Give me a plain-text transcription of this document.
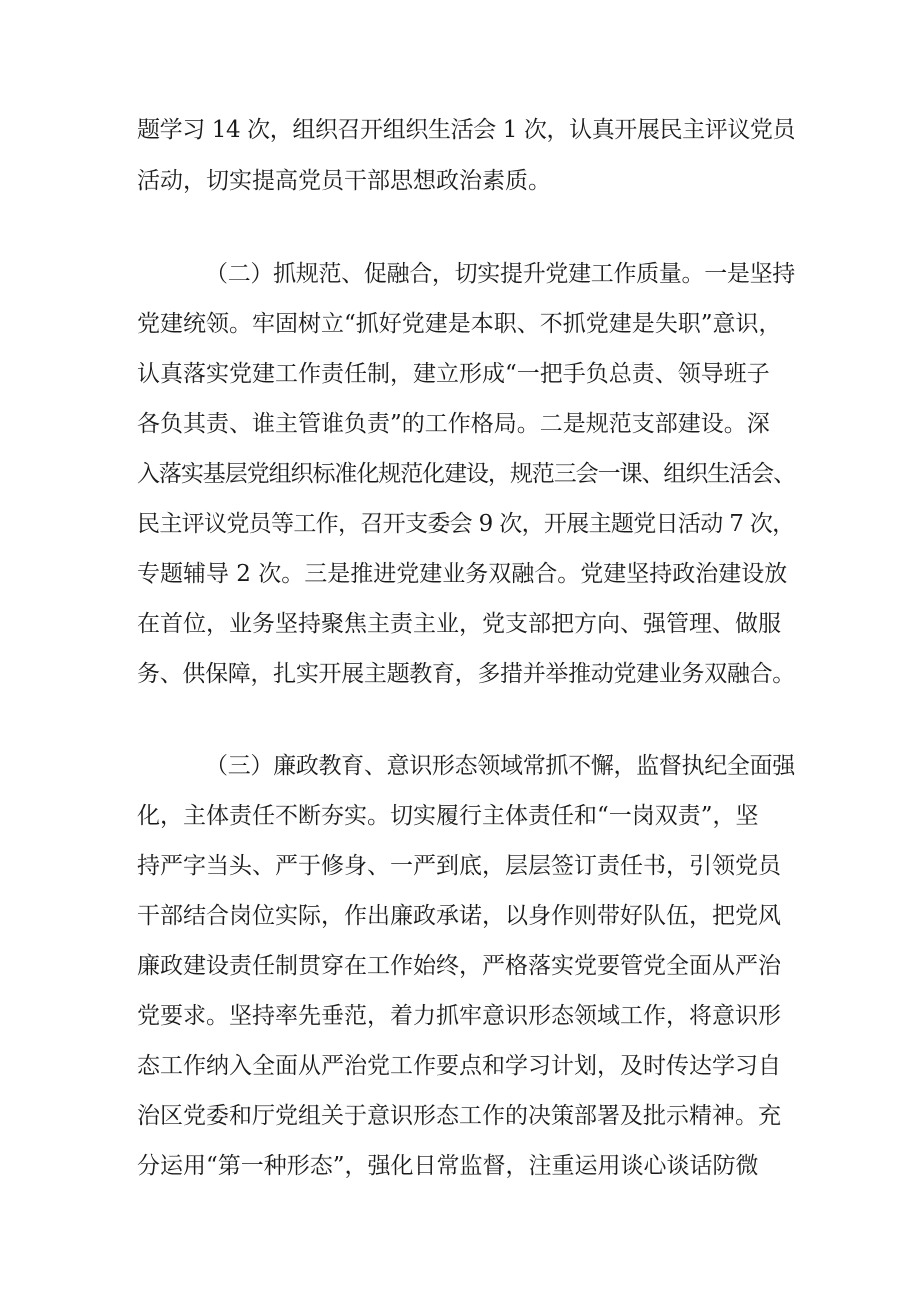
题学习 14 次，组织召开组织生活会 1 次，认真开展民主评议党员
活动，切实提高党员干部思想政治素质。
（二）抓规范、促融合，切实提升党建工作质量。一是坚持
党建统领。牢固树立“抓好党建是本职、不抓党建是失职”意识，
认真落实党建工作责任制，建立形成“一把手负总责、领导班子
各负其责、谁主管谁负责”的工作格局。二是规范支部建设。深
入落实基层党组织标准化规范化建设，规范三会一课、组织生活会、
民主评议党员等工作，召开支委会 9 次，开展主题党日活动 7 次，
专题辅导 2 次。三是推进党建业务双融合。党建坚持政治建设放
在首位，业务坚持聚焦主责主业，党支部把方向、强管理、做服
务、供保障，扎实开展主题教育，多措并举推动党建业务双融合。
（三）廉政教育、意识形态领域常抓不懈，监督执纪全面强
化，主体责任不断夯实。切实履行主体责任和“一岗双责”，坚
持严字当头、严于修身、一严到底，层层签订责任书，引领党员
干部结合岗位实际，作出廉政承诺，以身作则带好队伍，把党风
廉政建设责任制贯穿在工作始终，严格落实党要管党全面从严治
党要求。坚持率先垂范，着力抓牢意识形态领域工作，将意识形
态工作纳入全面从严治党工作要点和学习计划，及时传达学习自
治区党委和厅党组关于意识形态工作的决策部署及批示精神。充
分运用“第一种形态”，强化日常监督，注重运用谈心谈话防微
